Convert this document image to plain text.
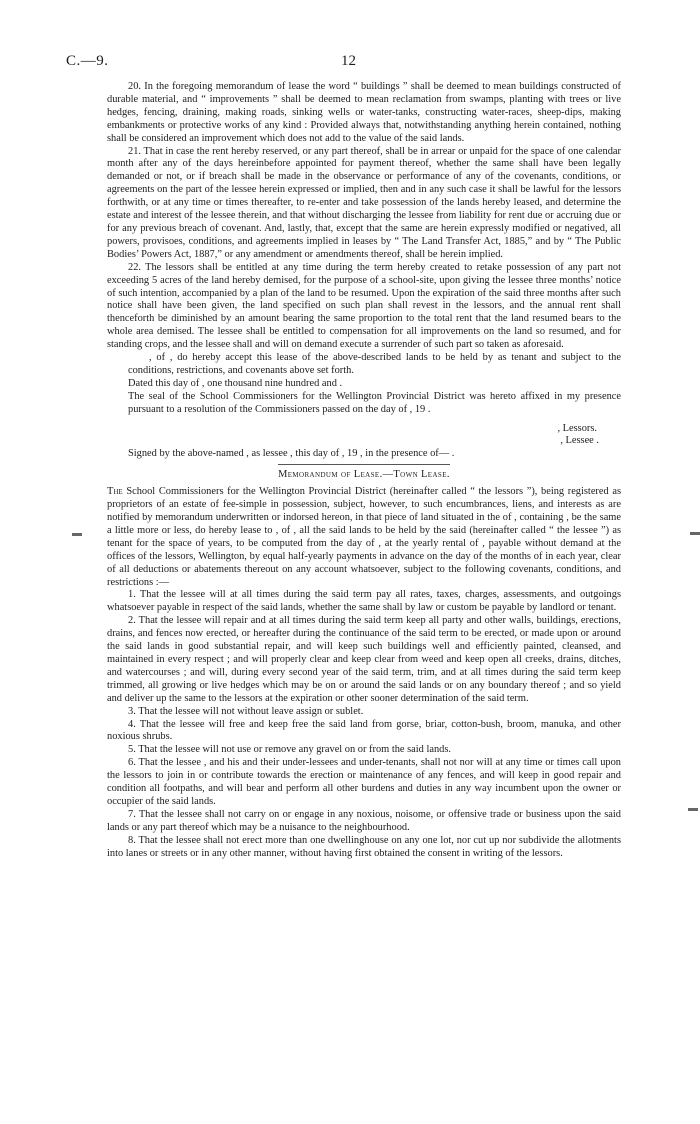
C.—9.	12

20. In the foregoing memorandum of lease the word “ buildings ” shall be deemed to mean buildings constructed of durable material, and “ improvements ” shall be deemed to mean reclamation from swamps, planting with trees or live hedges, fencing, draining, making roads, sinking wells or water-tanks, constructing water-races, sheep-dips, making embankments or protective works of any kind : Provided always that, notwithstanding anything herein contained, nothing shall be considered an improvement which does not add to the value of the said lands.

21. That in case the rent hereby reserved, or any part thereof, shall be in arrear or unpaid for the space of one calendar month after any of the days hereinbefore appointed for payment thereof, whether the same shall have been legally demanded or not, or if breach shall be made in the observance or performance of any of the covenants, conditions, or agreements on the part of the lessee herein expressed or implied, then and in any such case it shall be lawful for the lessors forthwith, or at any time or times thereafter, to re-enter and take possession of the lands hereby leased, and determine the estate and interest of the lessee therein, and that without discharging the lessee from liability for rent due or accruing due or for any previous breach of covenant. And, lastly, that, except that the same are herein expressly modified or negatived, all powers, provisoes, conditions, and agreements implied in leases by “ The Land Transfer Act, 1885,” and by “ The Public Bodies’ Powers Act, 1887,” or any amendment or amendments thereof, shall be herein implied.

22. The lessors shall be entitled at any time during the term hereby created to retake possession of any part not exceeding 5 acres of the land hereby demised, for the purpose of a school-site, upon giving the lessee three months’ notice of such intention, accompanied by a plan of the land to be resumed. Upon the expiration of the said three months after such notice shall have been given, the land specified on such plan shall revest in the lessors, and the annual rent shall thenceforth be diminished by an amount bearing the same proportion to the total rent that the land resumed bears to the whole area demised. The lessee shall be entitled to compensation for all improvements on the land so resumed, and for standing crops, and the lessee shall and will on demand execute a surrender of such part so taken as aforesaid.

, of , do hereby accept this lease of the above-described lands to be held by as tenant and subject to the conditions, restrictions, and covenants above set forth.

Dated this day of , one thousand nine hundred and .

The seal of the School Commissioners for the Wellington Provincial District was hereto affixed in my presence pursuant to a resolution of the Commissioners passed on the day of , 19 .

, Lessors.

, Lessee .

Signed by the above-named , as lessee , this day of , 19 , in the presence of— .

Memorandum of Lease.—Town Lease.

The School Commissioners for the Wellington Provincial District (hereinafter called “ the lessors ”), being registered as proprietors of an estate of fee-simple in possession, subject, however, to such encumbrances, liens, and interests as are notified by memorandum underwritten or indorsed hereon, in that piece of land situated in the of , containing , be the same a little more or less, do hereby lease to , of , all the said lands to be held by the said (hereinafter called “ the lessee ”) as tenant for the space of years, to be computed from the day of , at the yearly rental of , payable without demand at the offices of the lessors, Wellington, by equal half-yearly payments in advance on the day of the months of in each year, clear of all deductions or abatements thereout on any account whatsoever, subject to the following covenants, conditions, and restrictions :—

1. That the lessee will at all times during the said term pay all rates, taxes, charges, assessments, and outgoings whatsoever payable in respect of the said lands, whether the same shall by law or custom be payable by landlord or tenant.

2. That the lessee will repair and at all times during the said term keep all party and other walls, buildings, erections, drains, and fences now erected, or hereafter during the continuance of the said term to be erected, or made upon or around the said lands in good substantial repair, and will keep such buildings well and efficiently painted, cleansed, and maintained in every respect ; and will properly clear and keep clear from weed and keep open all creeks, drains, ditches, and watercourses ; and will, during every second year of the said term, trim, and at all times during the said term keep trimmed, all growing or live hedges which may be on or around the said lands or on any boundary thereof ; and so yield and deliver up the same to the lessors at the expiration or other sooner determination of the said term.

3. That the lessee will not without leave assign or sublet.

4. That the lessee will free and keep free the said land from gorse, briar, cotton-bush, broom, manuka, and other noxious shrubs.

5. That the lessee will not use or remove any gravel on or from the said lands.

6. That the lessee , and his and their under-lessees and under-tenants, shall not nor will at any time or times call upon the lessors to join in or contribute towards the erection or maintenance of any fences, and will keep in good repair and condition all footpaths, and will bear and perform all other burdens and duties in any way incumbent upon the owner or occupier of the said lands.

7. That the lessee shall not carry on or engage in any noxious, noisome, or offensive trade or business upon the said lands or any part thereof which may be a nuisance to the neighbourhood.

8. That the lessee shall not erect more than one dwellinghouse on any one lot, nor cut up nor subdivide the allotments into lanes or streets or in any other manner, without having first obtained the consent in writing of the lessors.
